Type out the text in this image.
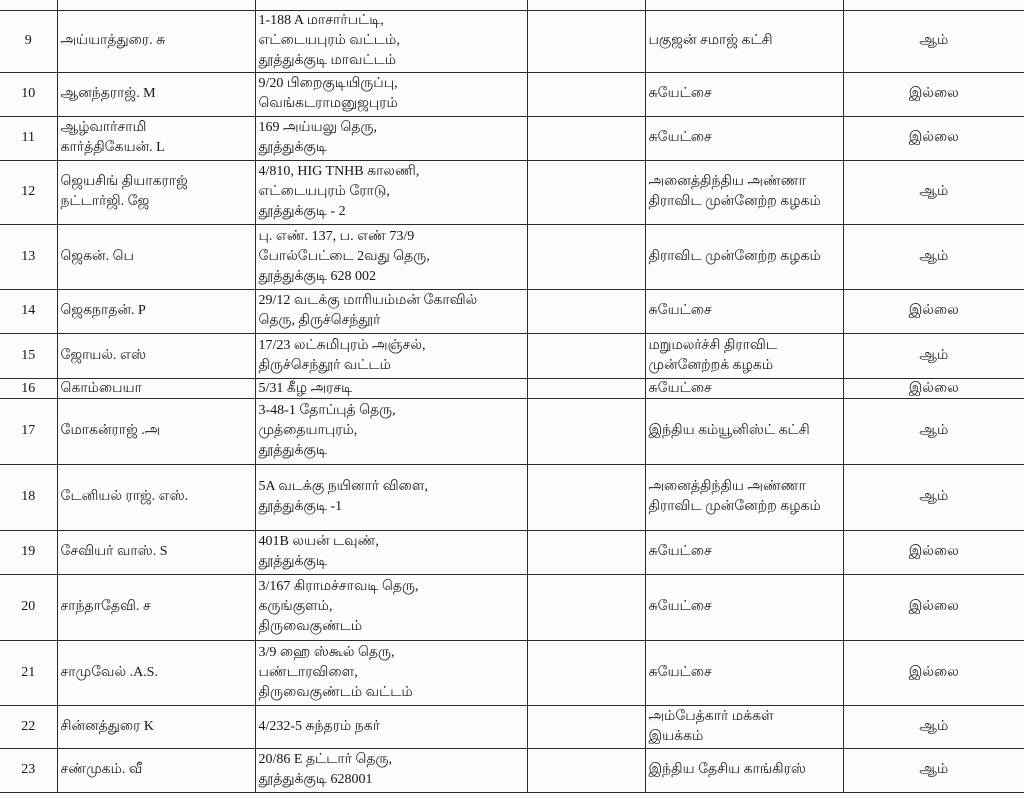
9	அய்யாத்துரை. சு	1-188 A மாசார்பட்டி,
எட்டையபுரம் வட்டம்,
தூத்துக்குடி மாவட்டம்		பகுஜன் சமாஜ் கட்சி	ஆம்
10	ஆனந்தராஜ். M	9/20 பிறைகுடியிருப்பு,
வெங்கடராமனுஜபுரம்		சுயேட்சை	இல்லை
11	ஆழ்வார்சாமி
கார்த்திகேயன். L	169 அய்யலு தெரு,
தூத்துக்குடி		சுயேட்சை	இல்லை
12	ஜெயசிங் தியாகராஜ்
நட்டார்ஜி. ஜே	4/810, HIG TNHB காலணி,
எட்டையபுரம் ரோடு,
தூத்துக்குடி - 2		அனைத்திந்திய அண்ணா
திராவிட முன்னேற்ற கழகம்	ஆம்
13	ஜெகன். பெ	பு. எண். 137, ப. எண் 73/9
போல்பேட்டை 2வது தெரு,
தூத்துக்குடி 628 002		திராவிட முன்னேற்ற கழகம்	ஆம்
14	ஜெகநாதன். P	29/12 வடக்கு மாரியம்மன் கோவில்
தெரு, திருச்செந்தூர்		சுயேட்சை	இல்லை
15	ஜோயல். எஸ்	17/23 லட்சுமிபுரம் அஞ்சல்,
திருச்செந்தூர் வட்டம்		மறுமலர்ச்சி திராவிட
முன்னேற்றக் கழகம்	ஆம்
16	கொம்பையா	5/31 கீழ அரசடி		சுயேட்சை	இல்லை
17	மோகன்ராஜ் .அ	3-48-1 தோப்புத் தெரு,
முத்தையாபுரம்,
தூத்துக்குடி		இந்திய கம்யூனிஸ்ட் கட்சி	ஆம்
18	டேனியல் ராஜ். எஸ்.	5A வடக்கு நயினார் விளை,
தூத்துக்குடி -1		அனைத்திந்திய அண்ணா
திராவிட முன்னேற்ற கழகம்	ஆம்
19	சேவியர் வாஸ். S	401B லயன் டவுண்,
தூத்துக்குடி		சுயேட்சை	இல்லை
20	சாந்தாதேவி. ச	3/167 கிராமச்சாவடி தெரு,
கருங்குளம்,
திருவைகுண்டம்		சுயேட்சை	இல்லை
21	சாமுவேல் .A.S.	3/9 ஹை ஸ்கூல் தெரு,
பண்டாரவிளை,
திருவைகுண்டம் வட்டம்		சுயேட்சை	இல்லை
22	சின்னத்துரை K	4/232-5 சுந்தரம் நகர்		அம்பேத்கார் மக்கள்
இயக்கம்	ஆம்
23	சண்முகம். வீ	20/86 E தட்டார் தெரு,
தூத்துக்குடி 628001		இந்திய தேசிய காங்கிரஸ்	ஆம்
